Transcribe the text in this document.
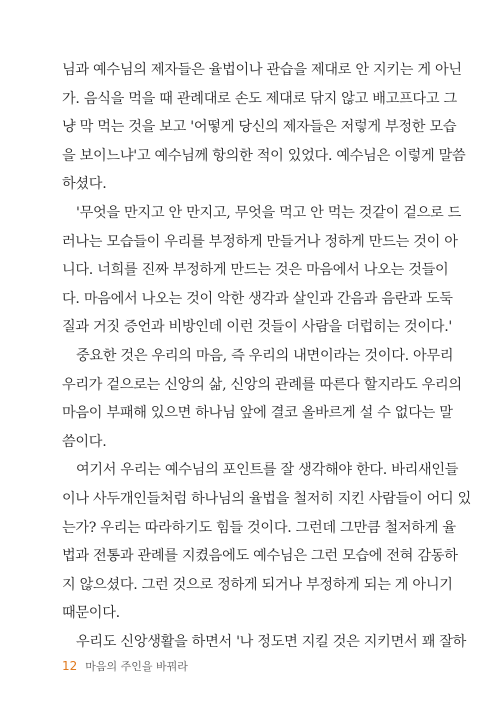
님과 예수님의 제자들은 율법이나 관습을 제대로 안 지키는 게 아닌
가. 음식을 먹을 때 관례대로 손도 제대로 닦지 않고 배고프다고 그
냥 막 먹는 것을 보고 '어떻게 당신의 제자들은 저렇게 부정한 모습
을 보이느냐'고 예수님께 항의한 적이 있었다. 예수님은 이렇게 말씀
하셨다.
'무엇을 만지고 안 만지고, 무엇을 먹고 안 먹는 것같이 겉으로 드
러나는 모습들이 우리를 부정하게 만들거나 정하게 만드는 것이 아
니다. 너희를 진짜 부정하게 만드는 것은 마음에서 나오는 것들이
다. 마음에서 나오는 것이 악한 생각과 살인과 간음과 음란과 도둑
질과 거짓 증언과 비방인데 이런 것들이 사람을 더럽히는 것이다.'
중요한 것은 우리의 마음, 즉 우리의 내면이라는 것이다. 아무리
우리가 겉으로는 신앙의 삶, 신앙의 관례를 따른다 할지라도 우리의
마음이 부패해 있으면 하나님 앞에 결코 올바르게 설 수 없다는 말
씀이다.
여기서 우리는 예수님의 포인트를 잘 생각해야 한다. 바리새인들
이나 사두개인들처럼 하나님의 율법을 철저히 지킨 사람들이 어디 있
는가? 우리는 따라하기도 힘들 것이다. 그런데 그만큼 철저하게 율
법과 전통과 관례를 지켰음에도 예수님은 그런 모습에 전혀 감동하
지 않으셨다. 그런 것으로 정하게 되거나 부정하게 되는 게 아니기
때문이다.
우리도 신앙생활을 하면서 '나 정도면 지킬 것은 지키면서 꽤 잘하
12 마음의 주인을 바꿔라
